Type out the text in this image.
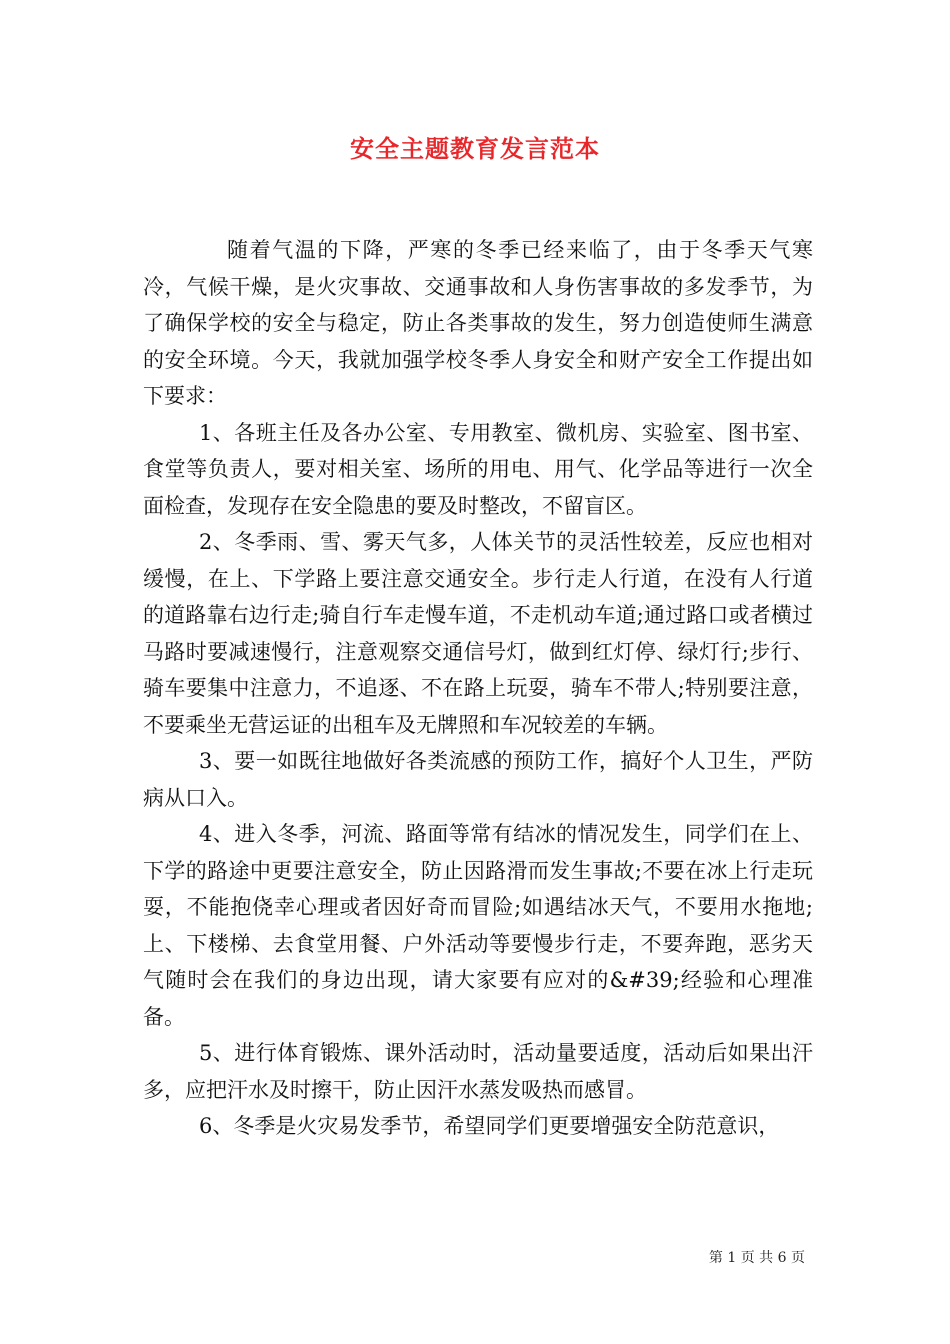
安全主题教育发言范本

随着气温的下降，严寒的冬季已经来临了，由于冬季天气寒冷，气候干燥，是火灾事故、交通事故和人身伤害事故的多发季节，为了确保学校的安全与稳定，防止各类事故的发生，努力创造使师生满意的安全环境。今天，我就加强学校冬季人身安全和财产安全工作提出如下要求：

1、各班主任及各办公室、专用教室、微机房、实验室、图书室、食堂等负责人，要对相关室、场所的用电、用气、化学品等进行一次全面检查，发现存在安全隐患的要及时整改，不留盲区。

2、冬季雨、雪、雾天气多，人体关节的灵活性较差，反应也相对缓慢，在上、下学路上要注意交通安全。步行走人行道，在没有人行道的道路靠右边行走;骑自行车走慢车道，不走机动车道;通过路口或者横过马路时要减速慢行，注意观察交通信号灯，做到红灯停、绿灯行;步行、骑车要集中注意力，不追逐、不在路上玩耍，骑车不带人;特别要注意，不要乘坐无营运证的出租车及无牌照和车况较差的车辆。

3、要一如既往地做好各类流感的预防工作，搞好个人卫生，严防病从口入。

4、进入冬季，河流、路面等常有结冰的情况发生，同学们在上、下学的路途中更要注意安全，防止因路滑而发生事故;不要在冰上行走玩耍，不能抱侥幸心理或者因好奇而冒险;如遇结冰天气，不要用水拖地;上、下楼梯、去食堂用餐、户外活动等要慢步行走，不要奔跑，恶劣天气随时会在我们的身边出现，请大家要有应对的&#39;经验和心理准备。

5、进行体育锻炼、课外活动时，活动量要适度，活动后如果出汗多，应把汗水及时擦干，防止因汗水蒸发吸热而感冒。

6、冬季是火灾易发季节，希望同学们更要增强安全防范意识，

第 1 页 共 6 页
